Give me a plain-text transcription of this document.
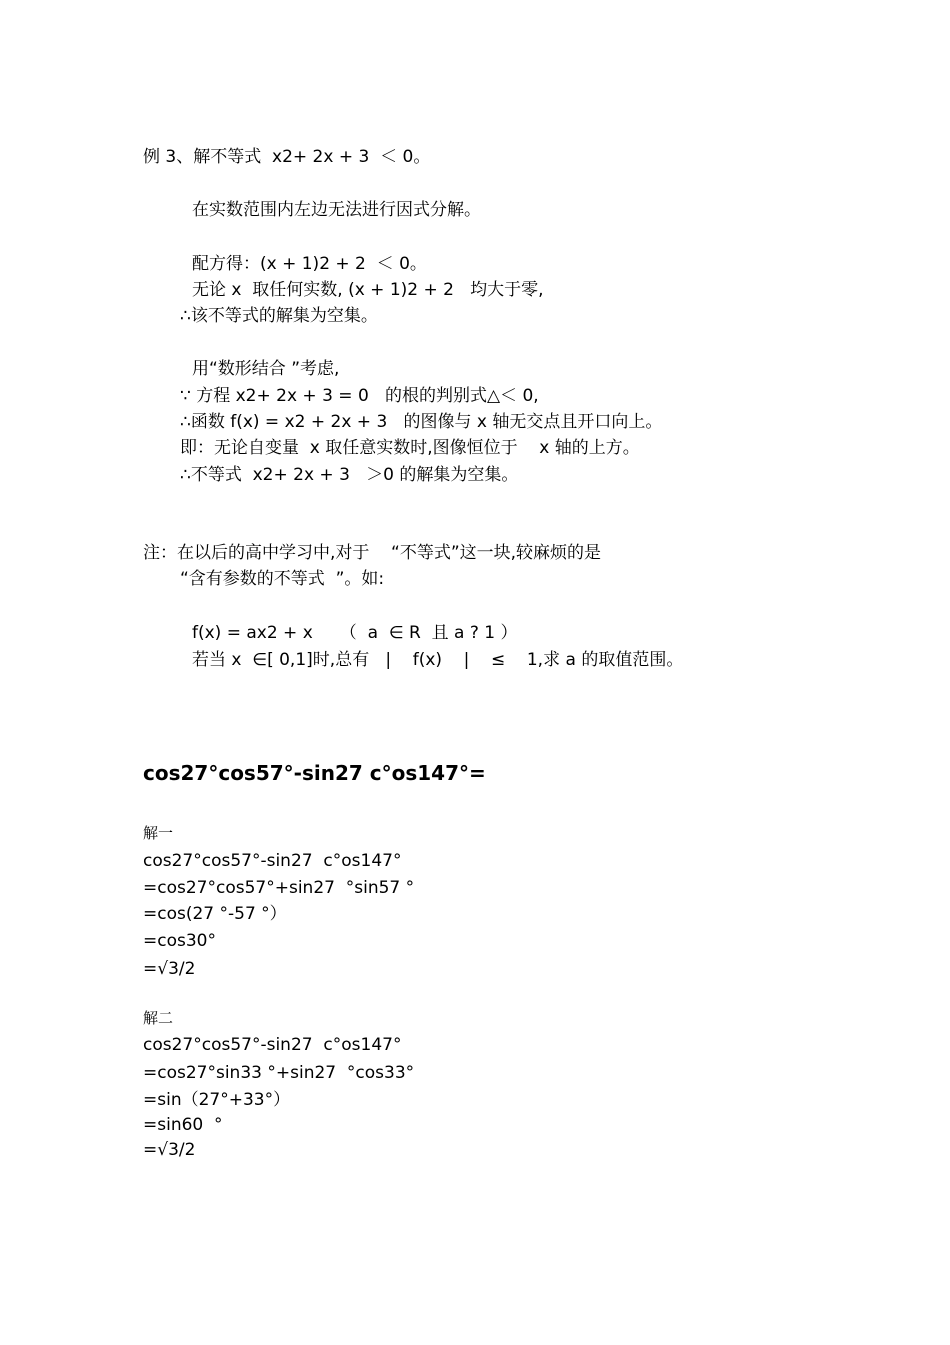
例 3、解不等式  x2+ 2x + 3  ＜ 0。
在实数范围内左边无法进行因式分解。
配方得：(x + 1)2 + 2  ＜ 0。
无论 x  取任何实数, (x + 1)2 + 2   均大于零,
∴该不等式的解集为空集。
用“数形结合 ”考虑,
∵ 方程 x2+ 2x + 3 = 0   的根的判别式△＜ 0,
∴函数 f(x) = x2 + 2x + 3   的图像与 x 轴无交点且开口向上。
即：无论自变量  x 取任意实数时,图像恒位于    x 轴的上方。
∴不等式  x2+ 2x + 3   ＞0 的解集为空集。
注：在以后的高中学习中,对于    “不等式”这一块,较麻烦的是
“含有参数的不等式  ”。如:
f(x) = ax2 + x     （  a  ∈ R  且 a ? 1 ）
若当 x  ∈[ 0,1]时,总有   |    f(x)    |    ≤    1,求 a 的取值范围。
cos27°cos57°-sin27 c°os147°=
解一
cos27°cos57°-sin27  c°os147°
=cos27°cos57°+sin27  °sin57 °
=cos(27 °-57 °）
=cos30°
=√3/2
解二
cos27°cos57°-sin27  c°os147°
=cos27°sin33 °+sin27  °cos33°
=sin（27°+33°）
=sin60  °
=√3/2
